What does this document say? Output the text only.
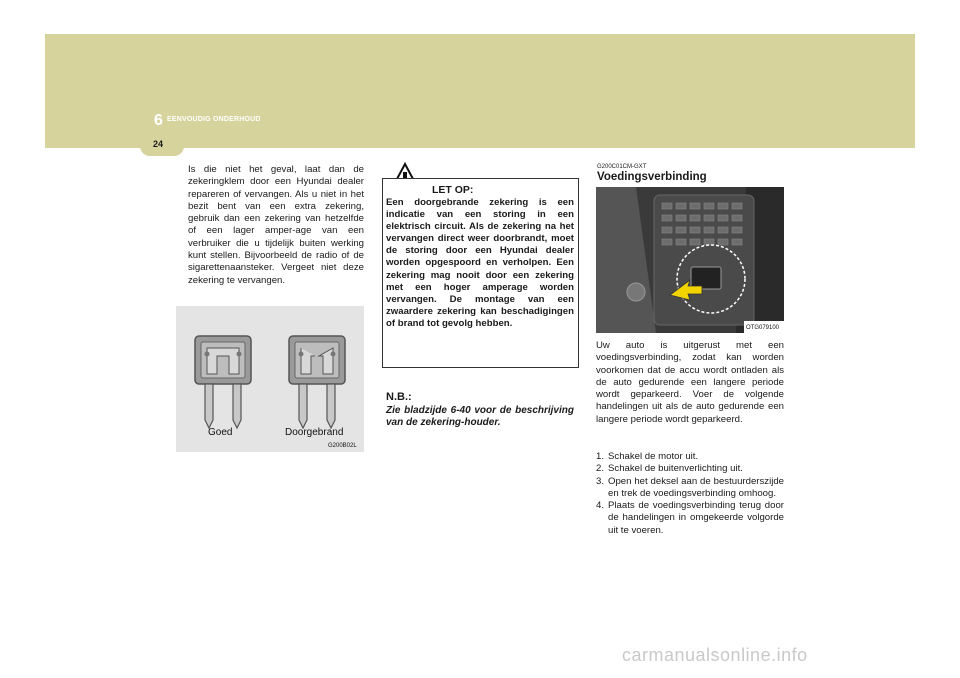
6 EENVOUDIG ONDERHOUD
24
Is die niet het geval, laat dan de zekeringklem door een Hyundai dealer repareren of vervangen. Als u niet in het bezit bent van een extra zekering, gebruik dan een zekering van hetzelfde of een lager amper-age van een verbruiker die u tijdelijk buiten werking kunt stellen. Bijvoorbeeld de radio of de sigarettenaansteker. Vergeet niet deze zekering te vervangen.
Goed	Doorgebrand
G200B02L
LET OP:
Een doorgebrande zekering is een indicatie van een storing in een elektrisch circuit. Als de zekering na het vervangen direct weer doorbrandt, moet de storing door een Hyundai dealer worden opgespoord en verholpen. Een zekering mag nooit door een zekering met een hoger amperage worden vervangen. De montage van een zwaardere zekering kan beschadigingen of brand tot gevolg hebben.
N.B.:
Zie bladzijde 6-40 voor de beschrijving van de zekering-houder.
G200C01CM-GXT
Voedingsverbinding
OTG079100
Uw auto is uitgerust met een voedingsverbinding, zodat kan worden voorkomen dat de accu wordt ontladen als de auto gedurende een langere periode wordt geparkeerd. Voer de volgende handelingen uit als de auto gedurende een langere periode wordt geparkeerd.
1. Schakel de motor uit.
2. Schakel de buitenverlichting uit.
3. Open het deksel aan de bestuurderszijde en trek de voedingsverbinding omhoog.
4. Plaats de voedingsverbinding terug door de handelingen in omgekeerde volgorde uit te voeren.
carmanualsonline.info
